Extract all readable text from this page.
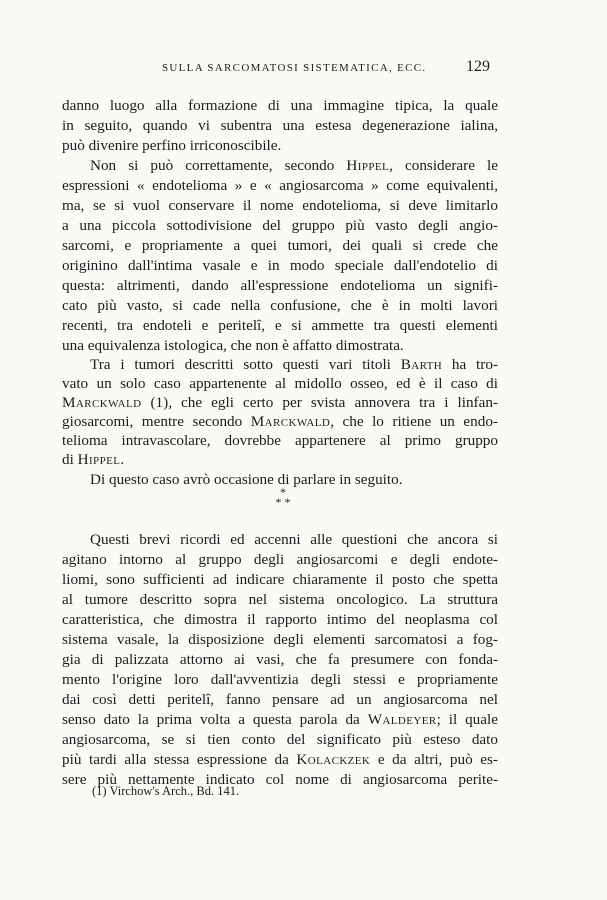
SULLA SARCOMATOSI SISTEMATICA, ECC. 129
danno luogo alla formazione di una immagine tipica, la quale
in seguito, quando vi subentra una estesa degenerazione ialina,
può divenire perfino irriconoscibile.
Non si può correttamente, secondo Hippel, considerare le
espressioni « endotelioma » e « angiosarcoma » come equivalenti,
ma, se si vuol conservare il nome endotelioma, si deve limitarlo
a una piccola sottodivisione del gruppo più vasto degli angio-
sarcomi, e propriamente a quei tumori, dei quali si crede che
originino dall'intima vasale e in modo speciale dall'endotelio di
questa: altrimenti, dando all'espressione endotelioma un signifi-
cato più vasto, si cade nella confusione, che è in molti lavori
recenti, tra endoteli e peritelî, e si ammette tra questi elementi
una equivalenza istologica, che non è affatto dimostrata.
Tra i tumori descritti sotto questi vari titoli Barth ha tro-
vato un solo caso appartenente al midollo osseo, ed è il caso di
Marckwald (1), che egli certo per svista annovera tra i linfan-
giosarcomi, mentre secondo Marckwald, che lo ritiene un endo-
telioma intravascolare, dovrebbe appartenere al primo gruppo
di Hippel.
Di questo caso avrò occasione di parlare in seguito.
Questi brevi ricordi ed accenni alle questioni che ancora si
agitano intorno al gruppo degli angiosarcomi e degli endote-
liomi, sono sufficienti ad indicare chiaramente il posto che spetta
al tumore descritto sopra nel sistema oncologico. La struttura
caratteristica, che dimostra il rapporto intimo del neoplasma col
sistema vasale, la disposizione degli elementi sarcomatosi a fog-
gia di palizzata attorno ai vasi, che fa presumere con fonda-
mento l'origine loro dall'avventizia degli stessi e propriamente
dai così detti peritelî, fanno pensare ad un angiosarcoma nel
senso dato la prima volta a questa parola da Waldeyer; il quale
angiosarcoma, se si tien conto del significato più esteso dato
più tardi alla stessa espressione da Kolackzek e da altri, può es-
sere più nettamente indicato col nome di angiosarcoma perite-
*
* *
(1) Virchow's Arch., Bd. 141.
